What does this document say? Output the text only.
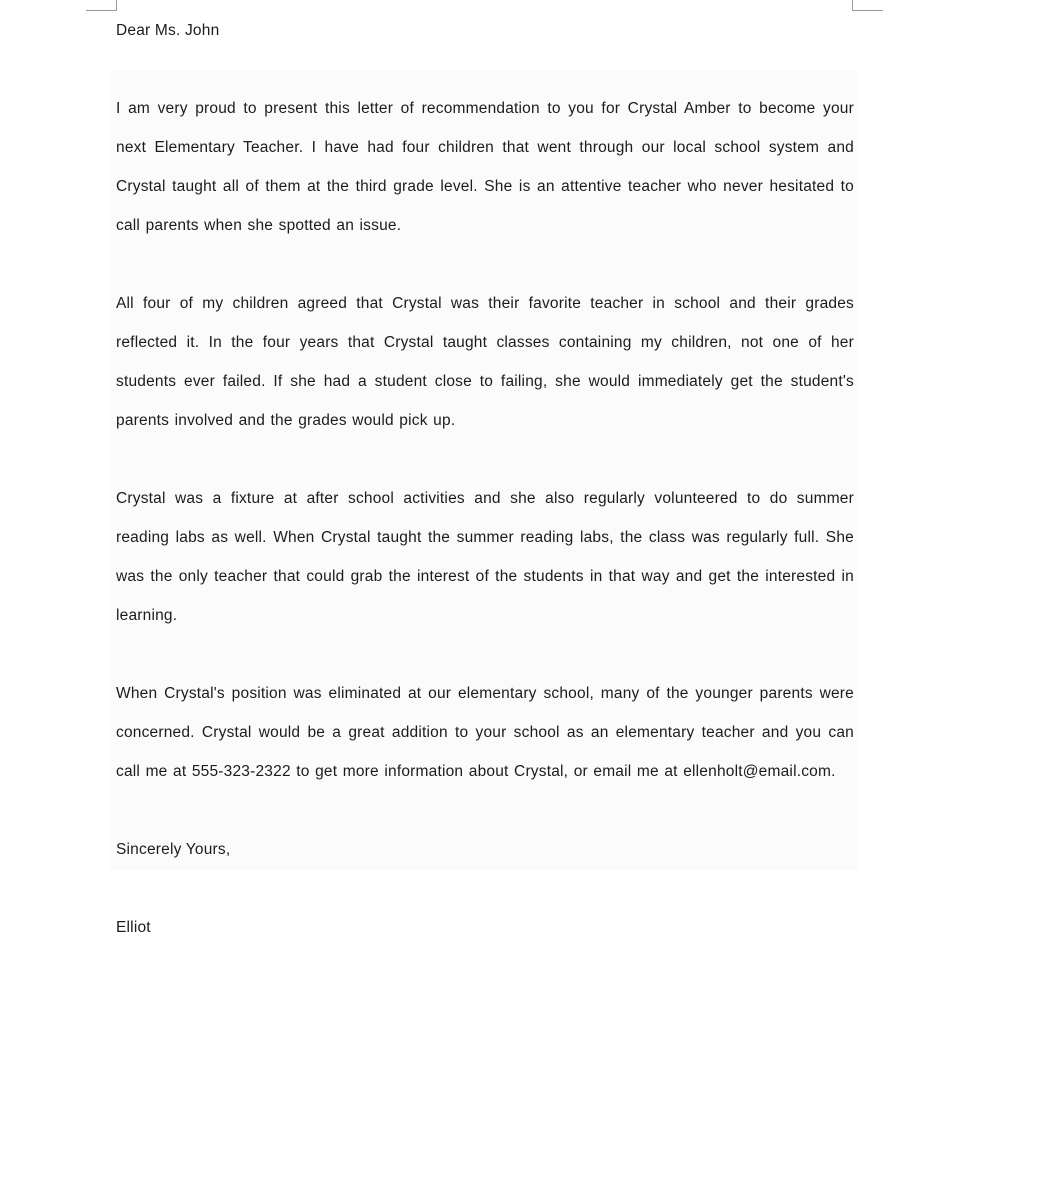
Dear Ms. John

I am very proud to present this letter of recommendation to you for Crystal Amber to become your next Elementary Teacher. I have had four children that went through our local school system and Crystal taught all of them at the third grade level. She is an attentive teacher who never hesitated to call parents when she spotted an issue.

All four of my children agreed that Crystal was their favorite teacher in school and their grades reflected it. In the four years that Crystal taught classes containing my children, not one of her students ever failed. If she had a student close to failing, she would immediately get the student's parents involved and the grades would pick up.

Crystal was a fixture at after school activities and she also regularly volunteered to do summer reading labs as well. When Crystal taught the summer reading labs, the class was regularly full. She was the only teacher that could grab the interest of the students in that way and get the interested in learning.

When Crystal's position was eliminated at our elementary school, many of the younger parents were concerned. Crystal would be a great addition to your school as an elementary teacher and you can call me at 555-323-2322 to get more information about Crystal, or email me at ellenholt@email.com.

Sincerely Yours,

Elliot
